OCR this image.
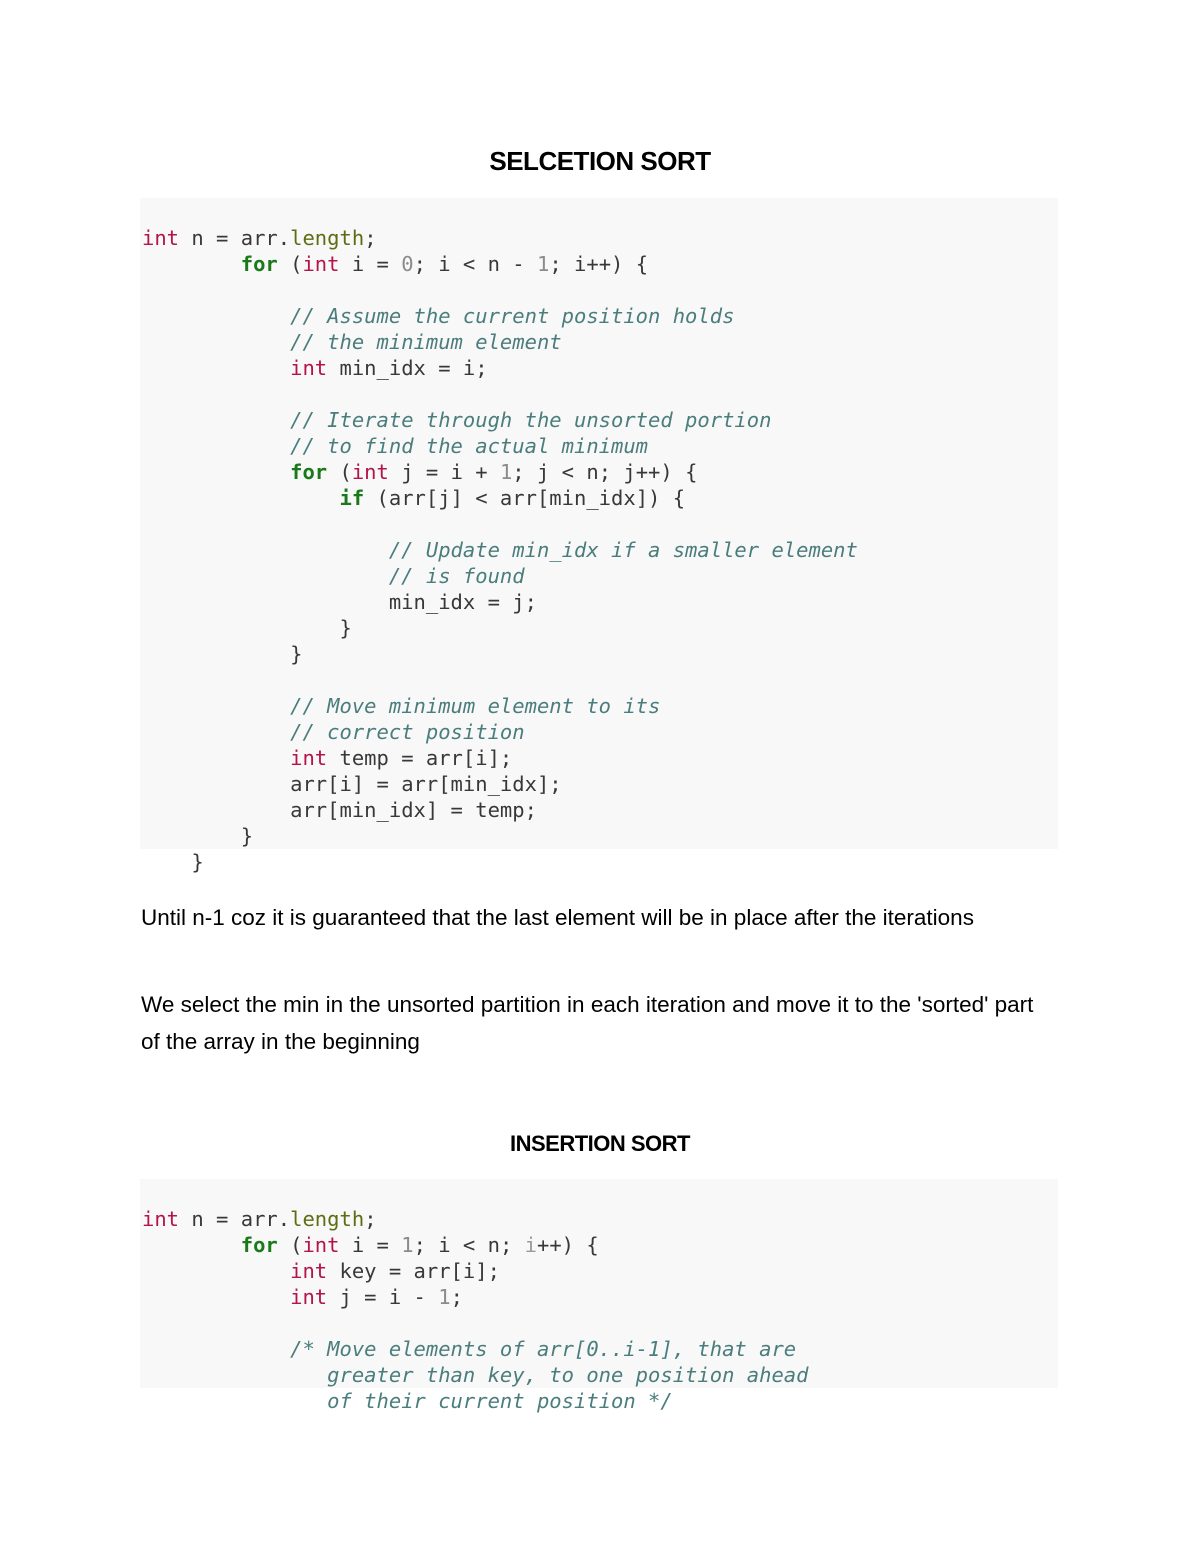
SELCETION SORT

int n = arr.length;
for (int i = 0; i < n - 1; i++) {

// Assume the current position holds
// the minimum element
int min_idx = i;

// Iterate through the unsorted portion
// to find the actual minimum
for (int j = i + 1; j < n; j++) {
if (arr[j] < arr[min_idx]) {

// Update min_idx if a smaller element
// is found
min_idx = j;
}
}

// Move minimum element to its
// correct position
int temp = arr[i];
arr[i] = arr[min_idx];
arr[min_idx] = temp;
}
}

Until n-1 coz it is guaranteed that the last element will be in place after the iterations

We select the min in the unsorted partition in each iteration and move it to the 'sorted' part of the array in the beginning

INSERTION SORT

int n = arr.length;
for (int i = 1; i < n; i++) {
int key = arr[i];
int j = i - 1;

/* Move elements of arr[0..i-1], that are
greater than key, to one position ahead
of their current position */
